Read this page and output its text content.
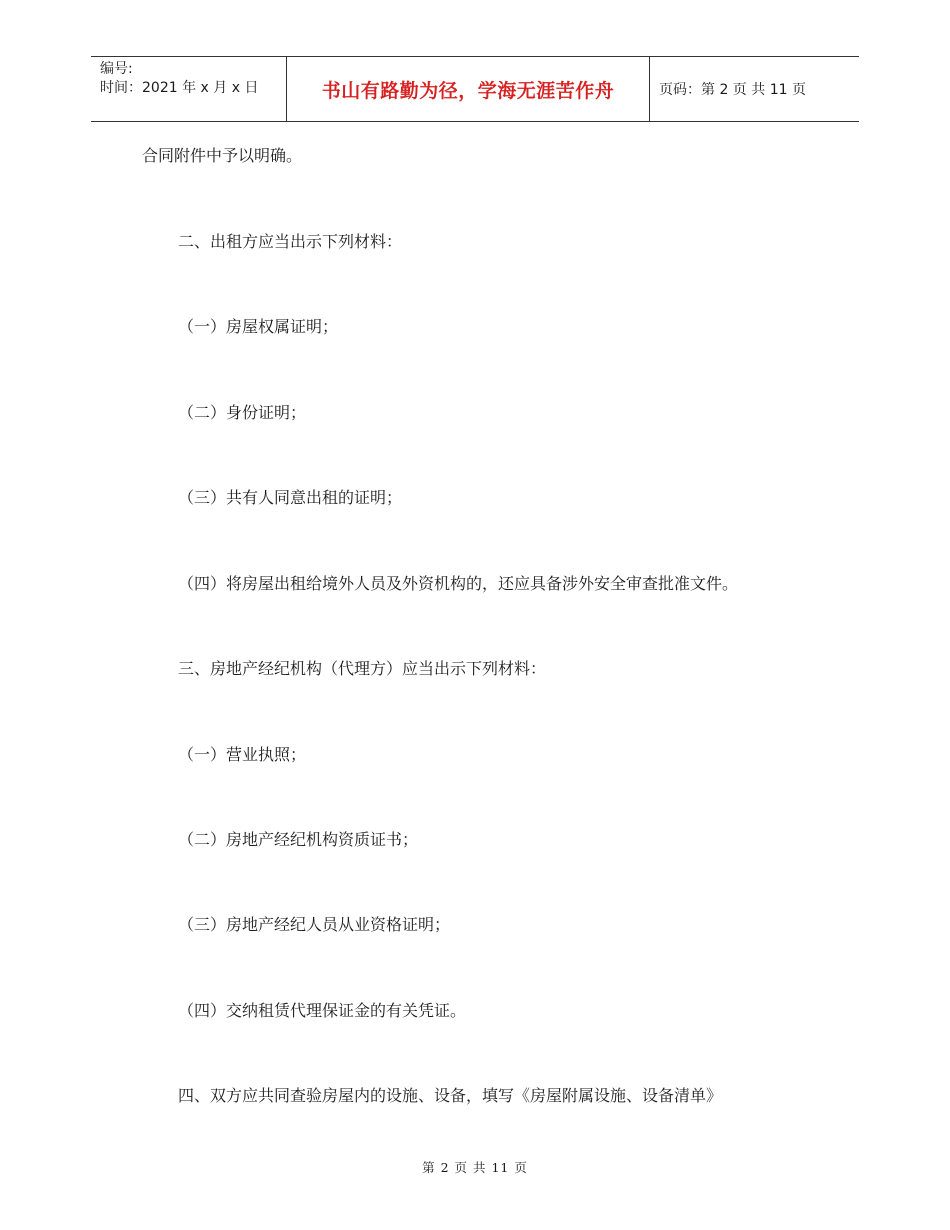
编号:
时间：2021 年 x 月 x 日	书山有路勤为径，学海无涯苦作舟	页码：第 2 页 共 11 页
合同附件中予以明确。
二、出租方应当出示下列材料：
（一）房屋权属证明；
（二）身份证明；
（三）共有人同意出租的证明；
（四）将房屋出租给境外人员及外资机构的，还应具备涉外安全审查批准文件。
三、房地产经纪机构（代理方）应当出示下列材料：
（一）营业执照；
（二）房地产经纪机构资质证书；
（三）房地产经纪人员从业资格证明；
（四）交纳租赁代理保证金的有关凭证。
四、双方应共同查验房屋内的设施、设备，填写《房屋附属设施、设备清单》
第 2 页 共 11 页
